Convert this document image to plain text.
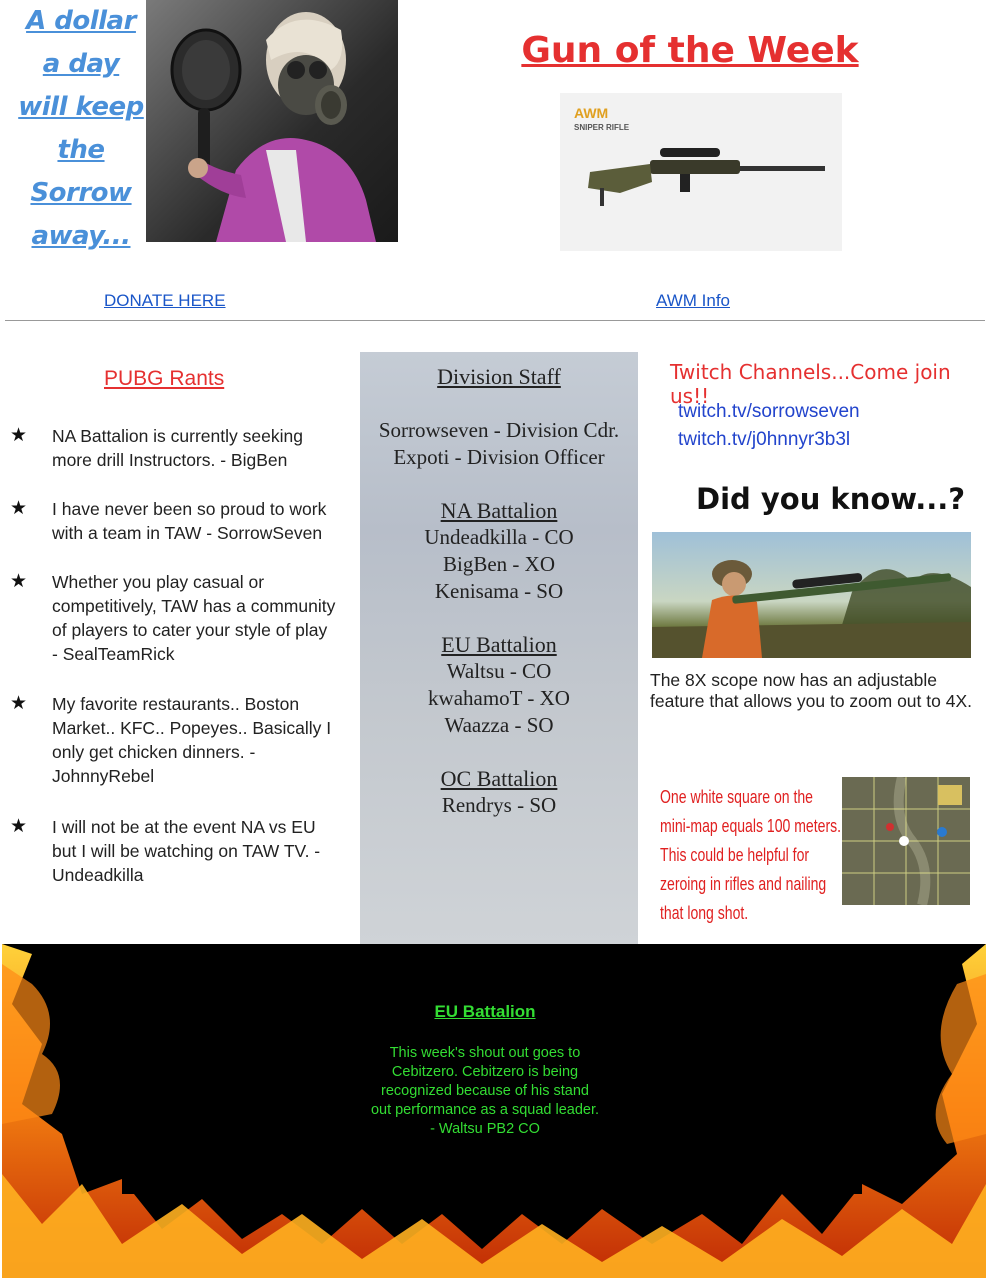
A dollar
a day
will keep
the
Sorrow
away...
Gun of the Week
AWM
SNIPER RIFLE
DONATE HERE	AWM Info
PUBG Rants
★ NA Battalion is currently seeking more drill Instructors. - BigBen
★ I have never been so proud to work with a team in TAW - SorrowSeven
★ Whether you play casual or competitively, TAW has a community of players to cater your style of play - SealTeamRick
★ My favorite restaurants.. Boston Market.. KFC.. Popeyes.. Basically I only get chicken dinners. - JohnnyRebel
★ I will not be at the event NA vs EU but I will be watching on TAW TV. - Undeadkilla
Division Staff
Sorrowseven - Division Cdr.
Expoti - Division Officer
NA Battalion
Undeadkilla - CO
BigBen - XO
Kenisama - SO
EU Battalion
Waltsu - CO
kwahamoT - XO
Waazza - SO
OC Battalion
Rendrys - SO
Twitch Channels...Come join us!!
twitch.tv/sorrowseven
twitch.tv/j0hnnyr3b3l
Did you know...?
The 8X scope now has an adjustable feature that allows you to zoom out to 4X.
One white square on the mini-map equals 100 meters. This could be helpful for zeroing in rifles and nailing that long shot.
EU Battalion
This week's shout out goes to Cebitzero. Cebitzero is being recognized because of his stand out performance as a squad leader. - Waltsu PB2 CO
